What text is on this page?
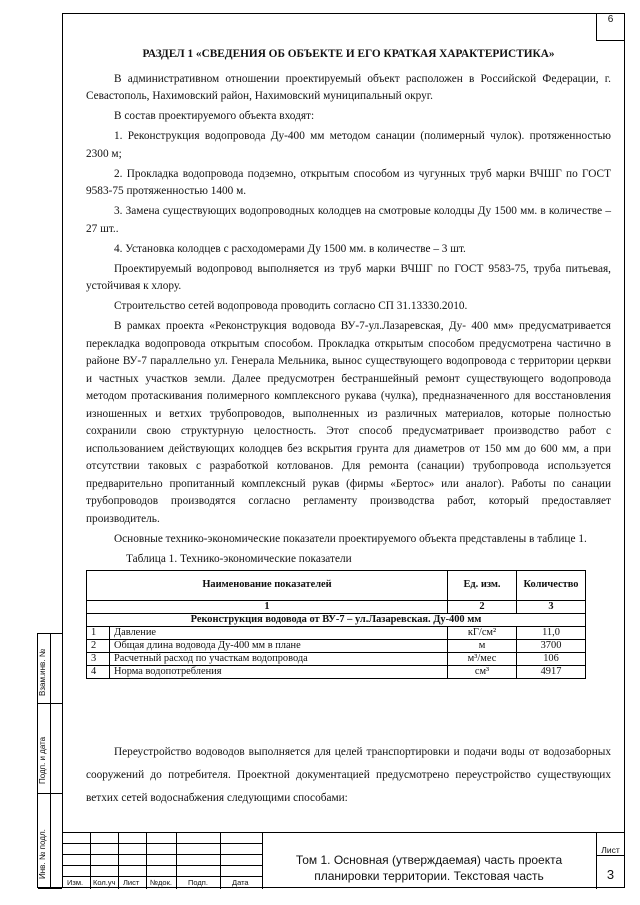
6

РАЗДЕЛ 1 «СВЕДЕНИЯ ОБ ОБЪЕКТЕ И ЕГО КРАТКАЯ ХАРАКТЕРИСТИКА»

В административном отношении проектируемый объект расположен в Российской Федерации, г. Севастополь, Нахимовский район, Нахимовский муниципальный округ.

В состав проектируемого объекта входят:

1. Реконструкция водопровода Ду-400 мм методом санации (полимерный чулок). протяженностью 2300 м;

2. Прокладка водопровода подземно, открытым способом из чугунных труб марки ВЧШГ по ГОСТ 9583-75 протяженностью 1400 м.

3. Замена существующих водопроводных колодцев на смотровые колодцы Ду 1500 мм. в количестве – 27 шт..

4. Установка колодцев с расходомерами Ду 1500 мм. в количестве – 3 шт.

Проектируемый водопровод выполняется из труб марки ВЧШГ по ГОСТ 9583-75, труба питьевая, устойчивая к хлору.

Строительство сетей водопровода проводить согласно СП 31.13330.2010.

В рамках проекта «Реконструкция водовода ВУ-7-ул.Лазаревская, Ду- 400 мм» предусматривается перекладка водопровода открытым способом. Прокладка открытым способом предусмотрена частично в районе ВУ-7 параллельно ул. Генерала Мельника, вынос существующего водопровода с территории церкви и частных участков земли. Далее предусмотрен бестраншейный ремонт существующего водопровода методом протаскивания полимерного комплексного рукава (чулка), предназначенного для восстановления изношенных и ветхих трубопроводов, выполненных из различных материалов, которые полностью сохранили свою структурную целостность. Этот способ предусматривает производство работ с использованием действующих колодцев без вскрытия грунта для диаметров от 150 мм до 600 мм, а при отсутствии таковых с разработкой котлованов. Для ремонта (санации) трубопровода используется предварительно пропитанный комплексный рукав (фирмы «Бертос» или аналог). Работы по санации трубопроводов производятся согласно регламенту производства работ, который предоставляет производитель.

Основные технико-экономические показатели проектируемого объекта представлены в таблице 1.

Таблица 1. Технико-экономические показатели

Наименование показателей		Ед. изм.	Количество
1		2	3
Реконструкция водовода от ВУ-7 – ул.Лазаревская. Ду-400 мм			
1	Давление	кГ/см²	11,0
2	Общая длина водовода Ду-400 мм в плане	м	3700
3	Расчетный расход по участкам водопровода	м³/мес	106
4	Норма водопотребления	см³	4917

Переустройство водоводов выполняется для целей транспортировки и подачи воды от водозаборных сооружений до потребителя. Проектной документацией предусмотрено переустройство существующих ветхих сетей водоснабжения следующими способами:

Взам.инв. №
Подп. и дата
Инв. № подл.
Изм. Кол.уч Лист №док. Подп.	Дата
Том 1. Основная (утверждаемая) часть проекта планировки территории. Текстовая часть
Лист
3
